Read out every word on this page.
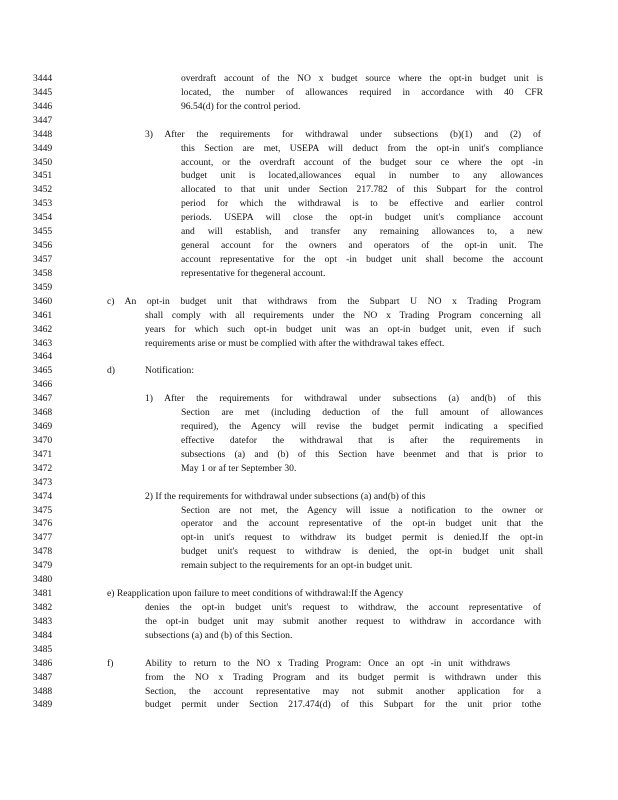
3444	overdraft account of the NO x budget source where the opt-in budget unit is
3445	located, the number of allowances required in accordance with 40 CFR
3446	96.54(d) for the control period.
3447
3448	3) After the requirements for withdrawal under subsections (b)(1) and (2) of
3449	this Section are met, USEPA will deduct from the opt-in unit's compliance
3450	account, or the overdraft account of the budget sour ce where the opt -in
3451	budget unit is located,allowances equal in number to any allowances
3452	allocated to that unit under Section 217.782 of this Subpart for the control
3453	period for which the withdrawal is to be effective and earlier control
3454	periods. USEPA will close the opt-in budget unit's compliance account
3455	and will establish, and transfer any remaining allowances to, a new
3456	general account for the owners and operators of the opt-in unit. The
3457	account representative for the opt -in budget unit shall become the account
3458	representative for thegeneral account.
3459
3460	c) An opt-in budget unit that withdraws from the Subpart U NO x Trading Program
3461	shall comply with all requirements under the NO x Trading Program concerning all
3462	years for which such opt-in budget unit was an opt-in budget unit, even if such
3463	requirements arise or must be complied with after the withdrawal takes effect.
3464
3465	d)	Notification:
3466
3467	1) After the requirements for withdrawal under subsections (a) and(b) of this
3468	Section are met (including deduction of the full amount of allowances
3469	required), the Agency will revise the budget permit indicating a specified
3470	effective datefor the withdrawal that is after the requirements in
3471	subsections (a) and (b) of this Section have beenmet and that is prior to
3472	May 1 or af ter September 30.
3473
3474	2) If the requirements for withdrawal under subsections (a) and(b) of this
3475	Section are not met, the Agency will issue a notification to the owner or
3476	operator and the account representative of the opt-in budget unit that the
3477	opt-in unit's request to withdraw its budget permit is denied.If the opt-in
3478	budget unit's request to withdraw is denied, the opt-in budget unit shall
3479	remain subject to the requirements for an opt-in budget unit.
3480
3481	e) Reapplication upon failure to meet conditions of withdrawal:If the Agency
3482	denies the opt-in budget unit's request to withdraw, the account representative of
3483	the opt-in budget unit may submit another request to withdraw in accordance with
3484	subsections (a) and (b) of this Section.
3485
3486	f)	Ability to return to the NO x Trading Program: Once an opt -in unit withdraws
3487	from the NO x Trading Program and its budget permit is withdrawn under this
3488	Section, the account representative may not submit another application for a
3489	budget permit under Section 217.474(d) of this Subpart for the unit prior tothe
